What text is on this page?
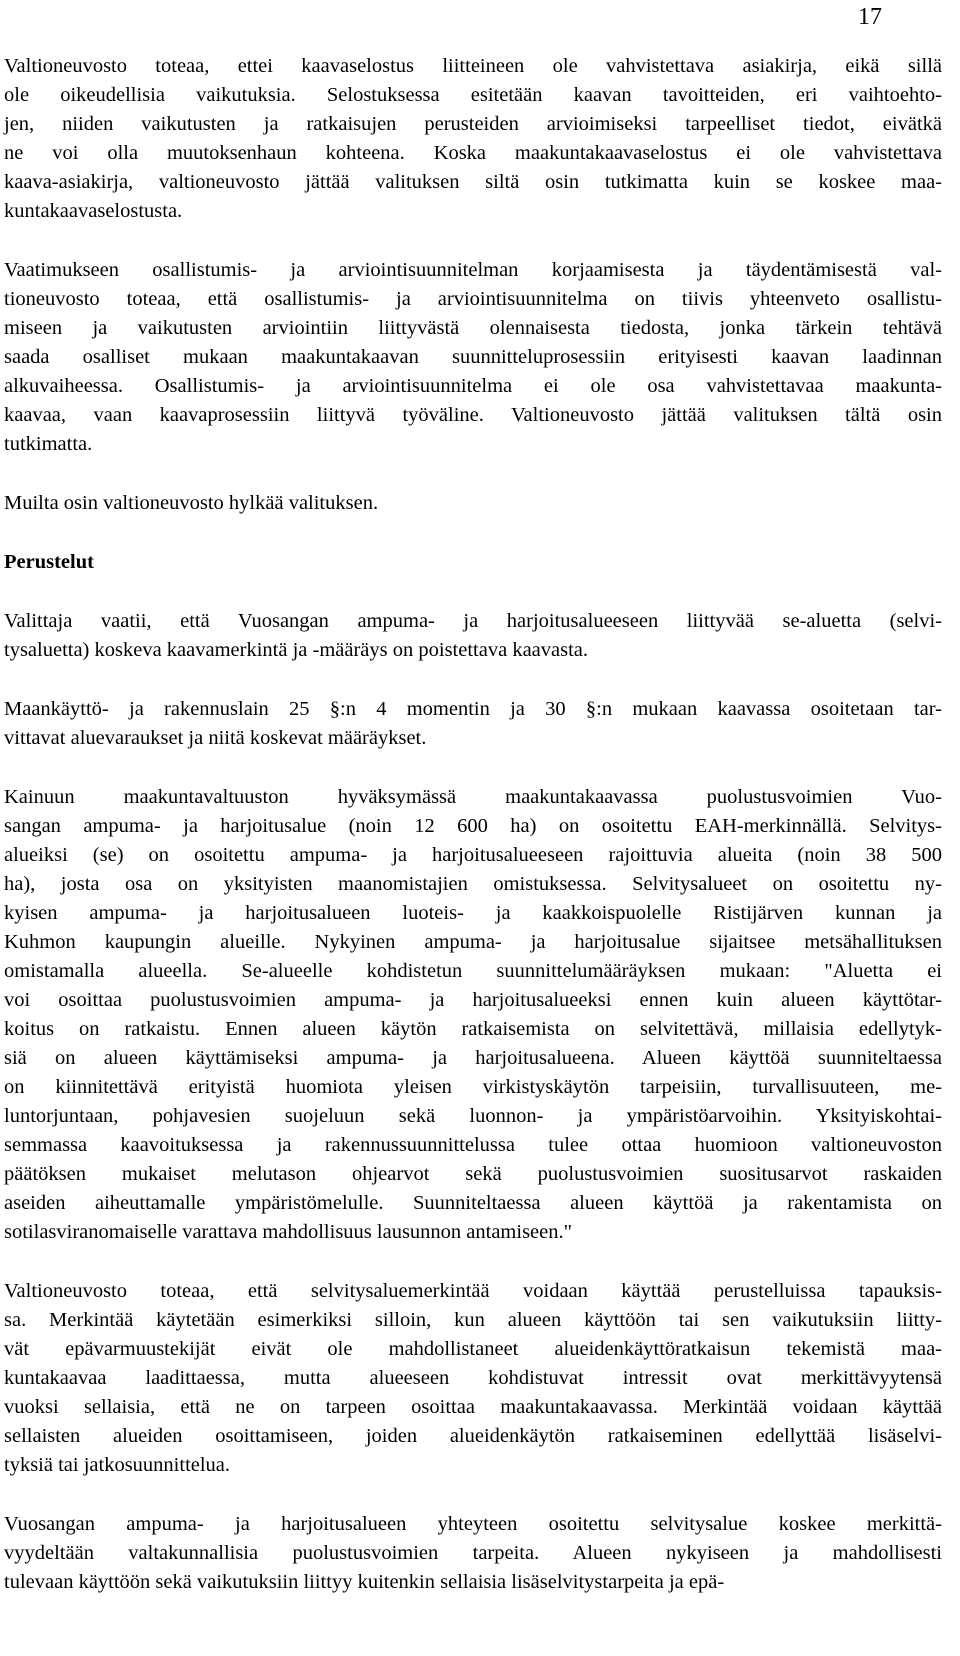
17
Valtioneuvosto toteaa, ettei kaavaselostus liitteineen ole vahvistettava asiakirja, eikä sillä
ole oikeudellisia vaikutuksia. Selostuksessa esitetään kaavan tavoitteiden, eri vaihtoehto-
jen, niiden vaikutusten ja ratkaisujen perusteiden arvioimiseksi tarpeelliset tiedot, eivätkä
ne voi olla muutoksenhaun kohteena. Koska maakuntakaavaselostus ei ole vahvistettava
kaava-asiakirja, valtioneuvosto jättää valituksen siltä osin tutkimatta kuin se koskee maa-
kuntakaavaselostusta.
Vaatimukseen osallistumis- ja arviointisuunnitelman korjaamisesta ja täydentämisestä val-
tioneuvosto toteaa, että osallistumis- ja arviointisuunnitelma on tiivis yhteenveto osallistu-
miseen ja vaikutusten arviointiin liittyvästä olennaisesta tiedosta, jonka tärkein tehtävä
saada osalliset mukaan maakuntakaavan suunnitteluprosessiin erityisesti kaavan laadinnan
alkuvaiheessa. Osallistumis- ja arviointisuunnitelma ei ole osa vahvistettavaa maakunta-
kaavaa, vaan kaavaprosessiin liittyvä työväline. Valtioneuvosto jättää valituksen tältä osin
tutkimatta.
Muilta osin valtioneuvosto hylkää valituksen.
Perustelut
Valittaja vaatii, että Vuosangan ampuma- ja harjoitusalueeseen liittyvää se-aluetta (selvi-
tysaluetta) koskeva kaavamerkintä ja -määräys on poistettava kaavasta.
Maankäyttö- ja rakennuslain 25 §:n 4 momentin ja 30 §:n mukaan kaavassa osoitetaan tar-
vittavat aluevaraukset ja niitä koskevat määräykset.
Kainuun maakuntavaltuuston hyväksymässä maakuntakaavassa puolustusvoimien Vuo-
sangan ampuma- ja harjoitusalue (noin 12 600 ha) on osoitettu EAH-merkinnällä. Selvitys-
alueiksi (se) on osoitettu ampuma- ja harjoitusalueeseen rajoittuvia alueita (noin 38 500
ha), josta osa on yksityisten maanomistajien omistuksessa. Selvitysalueet on osoitettu ny-
kyisen ampuma- ja harjoitusalueen luoteis- ja kaakkoispuolelle Ristijärven kunnan ja
Kuhmon kaupungin alueille. Nykyinen ampuma- ja harjoitusalue sijaitsee metsähallituksen
omistamalla alueella. Se-alueelle kohdistetun suunnittelumääräyksen mukaan: "Aluetta ei
voi osoittaa puolustusvoimien ampuma- ja harjoitusalueeksi ennen kuin alueen käyttötar-
koitus on ratkaistu. Ennen alueen käytön ratkaisemista on selvitettävä, millaisia edellytyk-
siä on alueen käyttämiseksi ampuma- ja harjoitusalueena. Alueen käyttöä suunniteltaessa
on kiinnitettävä erityistä huomiota yleisen virkistyskäytön tarpeisiin, turvallisuuteen, me-
luntorjuntaan, pohjavesien suojeluun sekä luonnon- ja ympäristöarvoihin. Yksityiskohtai-
semmassa kaavoituksessa ja rakennussuunnittelussa tulee ottaa huomioon valtioneuvoston
päätöksen mukaiset melutason ohjearvot sekä puolustusvoimien suositusarvot raskaiden
aseiden aiheuttamalle ympäristömelulle. Suunniteltaessa alueen käyttöä ja rakentamista on
sotilasviranomaiselle varattava mahdollisuus lausunnon antamiseen."
Valtioneuvosto toteaa, että selvitysaluemerkintää voidaan käyttää perustelluissa tapauksis-
sa. Merkintää käytetään esimerkiksi silloin, kun alueen käyttöön tai sen vaikutuksiin liitty-
vät epävarmuustekijät eivät ole mahdollistaneet alueidenkäyttöratkaisun tekemistä maa-
kuntakaavaa laadittaessa, mutta alueeseen kohdistuvat intressit ovat merkittävyytensä
vuoksi sellaisia, että ne on tarpeen osoittaa maakuntakaavassa. Merkintää voidaan käyttää
sellaisten alueiden osoittamiseen, joiden alueidenkäytön ratkaiseminen edellyttää lisäselvi-
tyksiä tai jatkosuunnittelua.
Vuosangan ampuma- ja harjoitusalueen yhteyteen osoitettu selvitysalue koskee merkittä-
vyydeltään valtakunnallisia puolustusvoimien tarpeita. Alueen nykyiseen ja mahdollisesti
tulevaan käyttöön sekä vaikutuksiin liittyy kuitenkin sellaisia lisäselvitystarpeita ja epä-
